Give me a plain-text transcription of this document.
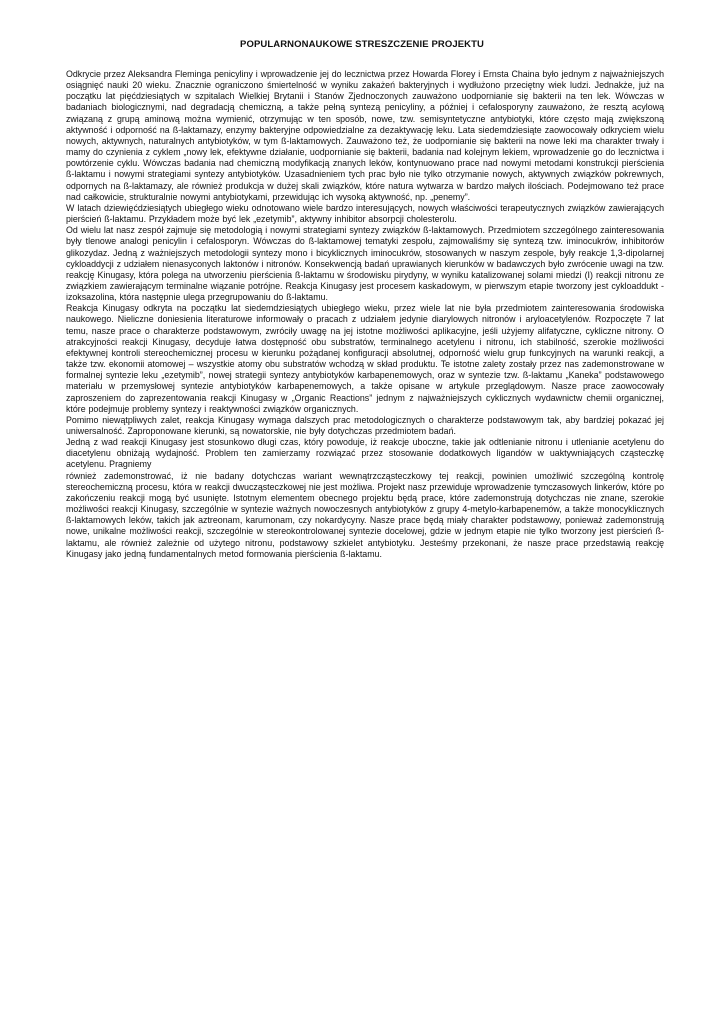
POPULARNONAUKOWE STRESZCZENIE PROJEKTU

Odkrycie przez Aleksandra Fleminga penicyliny i wprowadzenie jej do lecznictwa przez Howarda Florey i Ernsta Chaina było jednym z najważniejszych osiągnięć nauki 20 wieku. Znacznie ograniczono śmiertelność w wyniku zakażeń bakteryjnych i wydłużono przeciętny wiek ludzi. Jednakże, już na początku lat pięćdziesiątych w szpitalach Wielkiej Brytanii i Stanów Zjednoczonych zauważono uodpornianie się bakterii na ten lek. Wówczas w badaniach biologicznymi, nad degradacją chemiczną, a także pełną syntezą penicyliny, a później i cefalosporyny zauważono, że resztą acylową związaną z grupą aminową można wymienić, otrzymując w ten sposób, nowe, tzw. semisyntetyczne antybiotyki, które często mają zwiększoną aktywność i odporność na ß-laktamazy, enzymy bakteryjne odpowiedzialne za dezaktywację leku. Lata siedemdziesiąte zaowocowały odkryciem wielu nowych, aktywnych, naturalnych antybiotyków, w tym ß-laktamowych. Zauważono też, że uodpornianie się bakterii na nowe leki ma charakter trwały i mamy do czynienia z cyklem „nowy lek, efektywne działanie, uodpornianie się bakterii, badania nad kolejnym lekiem, wprowadzenie go do lecznictwa i powtórzenie cyklu. Wówczas badania nad chemiczną modyfikacją znanych leków, kontynuowano prace nad nowymi metodami konstrukcji pierścienia ß-laktamu i nowymi strategiami syntezy antybiotyków. Uzasadnieniem tych prac było nie tylko otrzymanie nowych, aktywnych związków pokrewnych, odpornych na ß-laktamazy, ale również produkcja w dużej skali związków, które natura wytwarza w bardzo małych ilościach. Podejmowano też prace nad całkowicie, strukturalnie nowymi antybiotykami, przewidując ich wysoką aktywność, np. „penemy”.

W latach dziewięćdziesiątych ubiegłego wieku odnotowano wiele bardzo interesujących, nowych właściwości terapeutycznych związków zawierających pierścień ß-laktamu. Przykładem może być lek „ezetymib”, aktywny inhibitor absorpcji cholesterolu.

Od wielu lat nasz zespół zajmuje się metodologią i nowymi strategiami syntezy związków ß-laktamowych. Przedmiotem szczególnego zainteresowania były tlenowe analogi penicylin i cefalosporyn. Wówczas do ß-laktamowej tematyki zespołu, zajmowaliśmy się syntezą tzw. iminocukrów, inhibitorów glikozydaz. Jedną z ważniejszych metodologii syntezy mono i bicyklicznych iminocukrów, stosowanych w naszym zespole, były reakcje 1,3-dipolarnej cykloaddycji z udziałem nienasyconych laktonów i nitronów. Konsekwencją badań uprawianych kierunków w badawczych było zwrócenie uwagi na tzw. reakcję Kinugasy, która polega na utworzeniu pierścienia ß-laktamu w środowisku pirydyny, w wyniku katalizowanej solami miedzi (I) reakcji nitronu ze związkiem zawierającym terminalne wiązanie potrójne. Reakcja Kinugasy jest procesem kaskadowym, w pierwszym etapie tworzony jest cykloaddukt - izoksazolina, która następnie ulega przegrupowaniu do ß-laktamu.

Reakcja Kinugasy odkryta na początku lat siedemdziesiątych ubiegłego wieku, przez wiele lat nie była przedmiotem zainteresowania środowiska naukowego. Nieliczne doniesienia literaturowe informowały o pracach z udziałem jedynie diarylowych nitronów i aryloacetylenów. Rozpoczęte 7 lat temu, nasze prace o charakterze podstawowym, zwróciły uwagę na jej istotne możliwości aplikacyjne, jeśli użyjemy alifatyczne, cykliczne nitrony. O atrakcyjności reakcji Kinugasy, decyduje łatwa dostępność obu substratów, terminalnego acetylenu i nitronu, ich stabilność, szerokie możliwości efektywnej kontroli stereochemicznej procesu w kierunku pożądanej konfiguracji absolutnej, odporność wielu grup funkcyjnych na warunki reakcji, a także tzw. ekonomii atomowej – wszystkie atomy obu substratów wchodzą w skład produktu. Te istotne zalety zostały przez nas zademonstrowane w formalnej syntezie leku „ezetymib”, nowej strategii syntezy antybiotyków karbapenemowych, oraz w syntezie tzw. ß-laktamu „Kaneka” podstawowego materiału w przemysłowej syntezie antybiotyków karbapenemowych, a także opisane w artykule przeglądowym. Nasze prace zaowocowały zaproszeniem do zaprezentowania reakcji Kinugasy w „Organic Reactions” jednym z najważniejszych cyklicznych wydawnictw chemii organicznej, które podejmuje problemy syntezy i reaktywności związków organicznych.

Pomimo niewątpliwych zalet, reakcja Kinugasy wymaga dalszych prac metodologicznych o charakterze podstawowym tak, aby bardziej pokazać jej uniwersalność. Zaproponowane kierunki, są nowatorskie, nie były dotychczas przedmiotem badań.

Jedną z wad reakcji Kinugasy jest stosunkowo długi czas, który powoduje, iż reakcje uboczne, takie jak odtlenianie nitronu i utlenianie acetylenu do diacetylenu obniżają wydajność. Problem ten zamierzamy rozwiązać przez stosowanie dodatkowych ligandów w uaktywniających cząsteczkę acetylenu. Pragniemy

również zademonstrować, iż nie badany dotychczas wariant wewnątrzcząsteczkowy tej reakcji, powinien umożliwić szczególną kontrolę stereochemiczną procesu, która w reakcji dwucząsteczkowej nie jest możliwa. Projekt nasz przewiduje wprowadzenie tymczasowych linkerów, które po zakończeniu reakcji mogą być usunięte. Istotnym elementem obecnego projektu będą prace, które zademonstrują dotychczas nie znane, szerokie możliwości reakcji Kinugasy, szczególnie w syntezie ważnych nowoczesnych antybiotyków z grupy 4-metylo-karbapenemów, a także monocyklicznych ß-laktamowych leków, takich jak aztreonam, karumonam, czy nokardycyny. Nasze prace będą miały charakter podstawowy, ponieważ zademonstrują nowe, unikalne możliwości reakcji, szczególnie w stereokontrolowanej syntezie docelowej, gdzie w jednym etapie nie tylko tworzony jest pierścień ß-laktamu, ale również zależnie od użytego nitronu, podstawowy szkielet antybiotyku. Jesteśmy przekonani, że nasze prace przedstawią reakcję Kinugasy jako jedną fundamentalnych metod formowania pierścienia ß-laktamu.
